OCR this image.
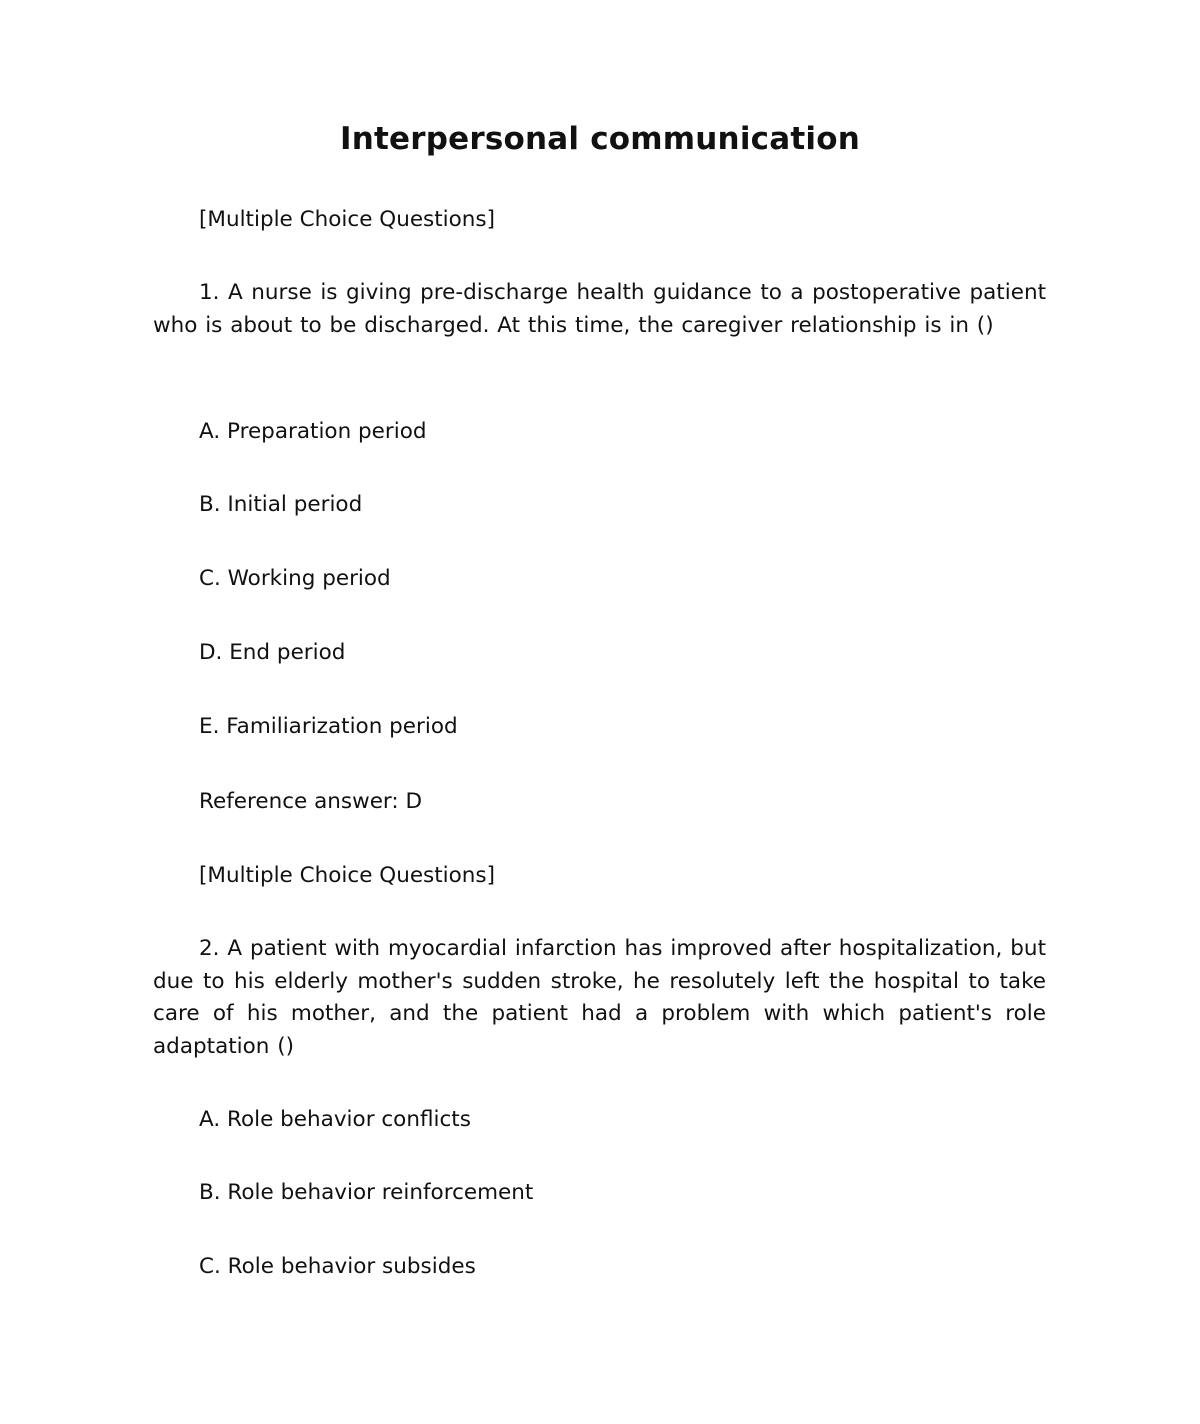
Interpersonal communication
[Multiple Choice Questions]
1. A nurse is giving pre-discharge health guidance to a postoperative patient who is about to be discharged. At this time, the caregiver relationship is in ()
A. Preparation period
B. Initial period
C. Working period
D. End period
E. Familiarization period
Reference answer: D
[Multiple Choice Questions]
2. A patient with myocardial infarction has improved after hospitalization, but due to his elderly mother's sudden stroke, he resolutely left the hospital to take care of his mother, and the patient had a problem with which patient's role adaptation ()
A. Role behavior conflicts
B. Role behavior reinforcement
C. Role behavior subsides
